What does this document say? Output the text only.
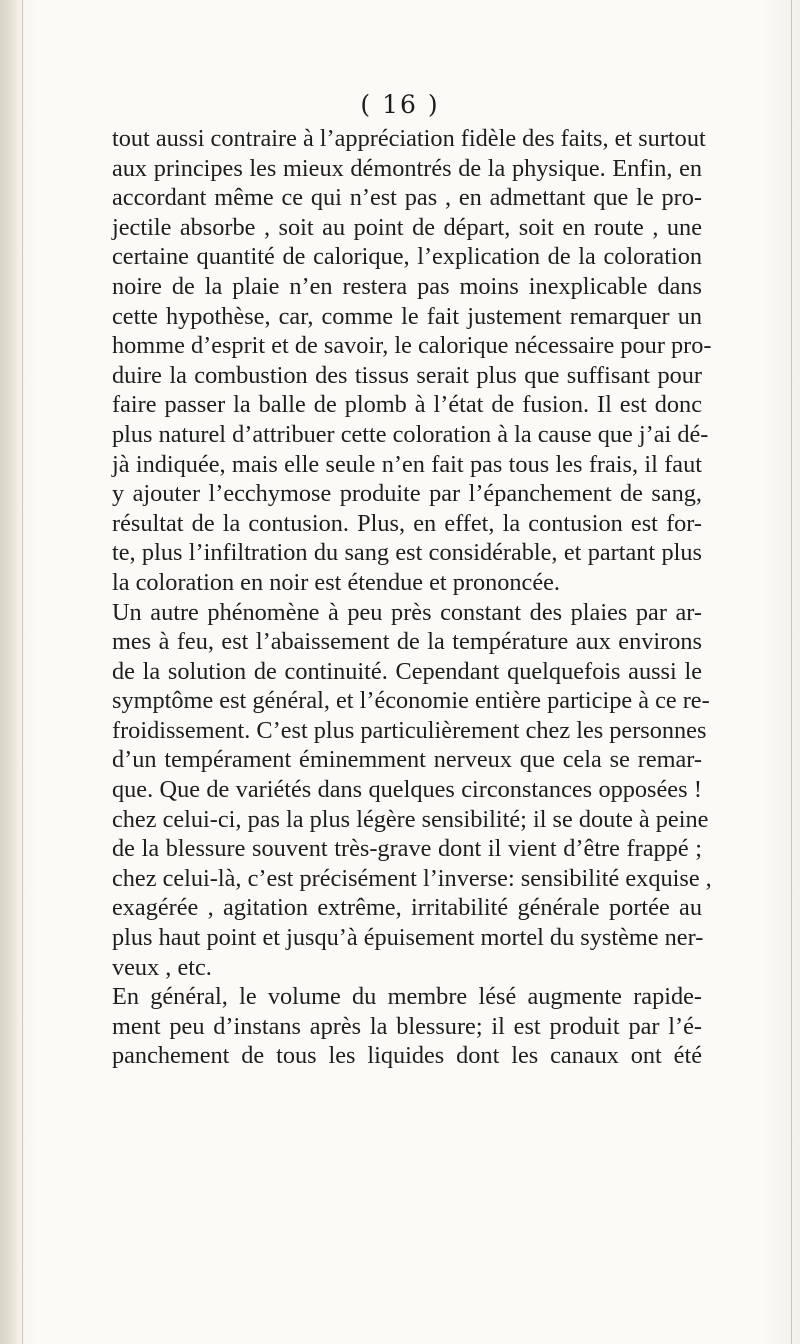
( 16 )

tout aussi contraire à l’appréciation fidèle des faits, et surtout
aux principes les mieux démontrés de la physique. Enfin, en
accordant même ce qui n’est pas , en admettant que le pro-
jectile absorbe , soit au point de départ, soit en route , une
certaine quantité de calorique, l’explication de la coloration
noire de la plaie n’en restera pas moins inexplicable dans
cette hypothèse, car, comme le fait justement remarquer un
homme d’esprit et de savoir, le calorique nécessaire pour pro-
duire la combustion des tissus serait plus que suffisant pour
faire passer la balle de plomb à l’état de fusion. Il est donc
plus naturel d’attribuer cette coloration à la cause que j’ai dé-
jà indiquée, mais elle seule n’en fait pas tous les frais, il faut
y ajouter l’ecchymose produite par l’épanchement de sang,
résultat de la contusion. Plus, en effet, la contusion est for-
te, plus l’infiltration du sang est considérable, et partant plus
la coloration en noir est étendue et prononcée.
Un autre phénomène à peu près constant des plaies par ar-
mes à feu, est l’abaissement de la température aux environs
de la solution de continuité. Cependant quelquefois aussi le
symptôme est général, et l’économie entière participe à ce re-
froidissement. C’est plus particulièrement chez les personnes
d’un tempérament éminemment nerveux que cela se remar-
que. Que de variétés dans quelques circonstances opposées !
chez celui-ci, pas la plus légère sensibilité; il se doute à peine
de la blessure souvent très-grave dont il vient d’être frappé ;
chez celui-là, c’est précisément l’inverse: sensibilité exquise ,
exagérée , agitation extrême, irritabilité générale portée au
plus haut point et jusqu’à épuisement mortel du système ner-
veux , etc.
En général, le volume du membre lésé augmente rapide-
ment peu d’instans après la blessure; il est produit par l’é-
panchement de tous les liquides dont les canaux ont été
